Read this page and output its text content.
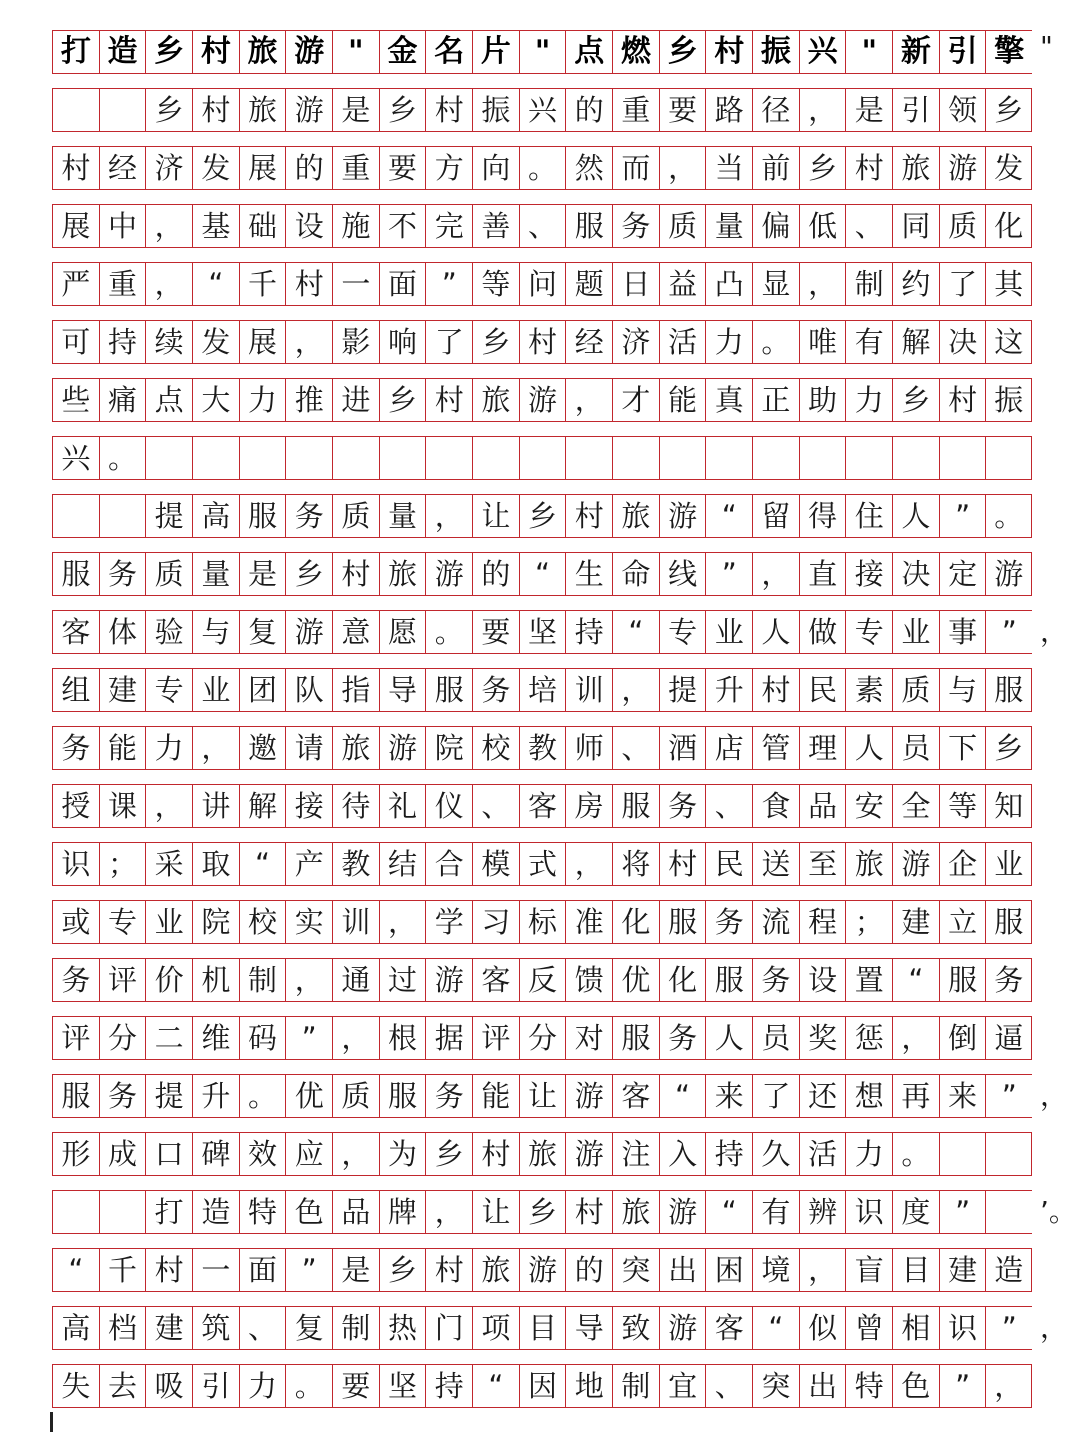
打 造 乡 村 旅 游 " 金 名 片 " 点 燃 乡 村 振 兴 " 新 引 擎 "
乡 村 旅 游 是 乡 村 振 兴 的 重 要 路 径 ， 是 引 领 乡
村 经 济 发 展 的 重 要 方 向 。 然 而 ， 当 前 乡 村 旅 游 发
展 中 ， 基 础 设 施 不 完 善 、 服 务 质 量 偏 低 、 同 质 化
严 重 ， “ 千 村 一 面 ” 等 问 题 日 益 凸 显 ， 制 约 了 其
可 持 续 发 展 ， 影 响 了 乡 村 经 济 活 力 。 唯 有 解 决 这
些 痛 点 大 力 推 进 乡 村 旅 游 ， 才 能 真 正 助 力 乡 村 振
兴 。
提 高 服 务 质 量 ， 让 乡 村 旅 游 “ 留 得 住 人 ” 。
服 务 质 量 是 乡 村 旅 游 的 “ 生 命 线 ” ， 直 接 决 定 游
客 体 验 与 复 游 意 愿 。 要 坚 持 “ 专 业 人 做 专 业 事 ” ，
组 建 专 业 团 队 指 导 服 务 培 训 ， 提 升 村 民 素 质 与 服
务 能 力 ， 邀 请 旅 游 院 校 教 师 、 酒 店 管 理 人 员 下 乡
授 课 ， 讲 解 接 待 礼 仪 、 客 房 服 务 、 食 品 安 全 等 知
识 ； 采 取 “ 产 教 结 合 模 式 ， 将 村 民 送 至 旅 游 企 业
或 专 业 院 校 实 训 ， 学 习 标 准 化 服 务 流 程 ； 建 立 服
务 评 价 机 制 ， 通 过 游 客 反 馈 优 化 服 务 设 置 “ 服 务
评 分 二 维 码 ” ， 根 据 评 分 对 服 务 人 员 奖 惩 ， 倒 逼
服 务 提 升 。 优 质 服 务 能 让 游 客 “ 来 了 还 想 再 来 ” ，
形 成 口 碑 效 应 ， 为 乡 村 旅 游 注 入 持 久 活 力 。
打 造 特 色 品 牌 ， 让 乡 村 旅 游 “ 有 辨 识 度 ”	’。
“ 千 村 一 面 ” 是 乡 村 旅 游 的 突 出 困 境 ， 盲 目 建 造
高 档 建 筑 、 复 制 热 门 项 目 导 致 游 客 “ 似 曾 相 识 ” ，
失 去 吸 引 力 。 要 坚 持 “ 因 地 制 宜 、 突 出 特 色 ” ，
